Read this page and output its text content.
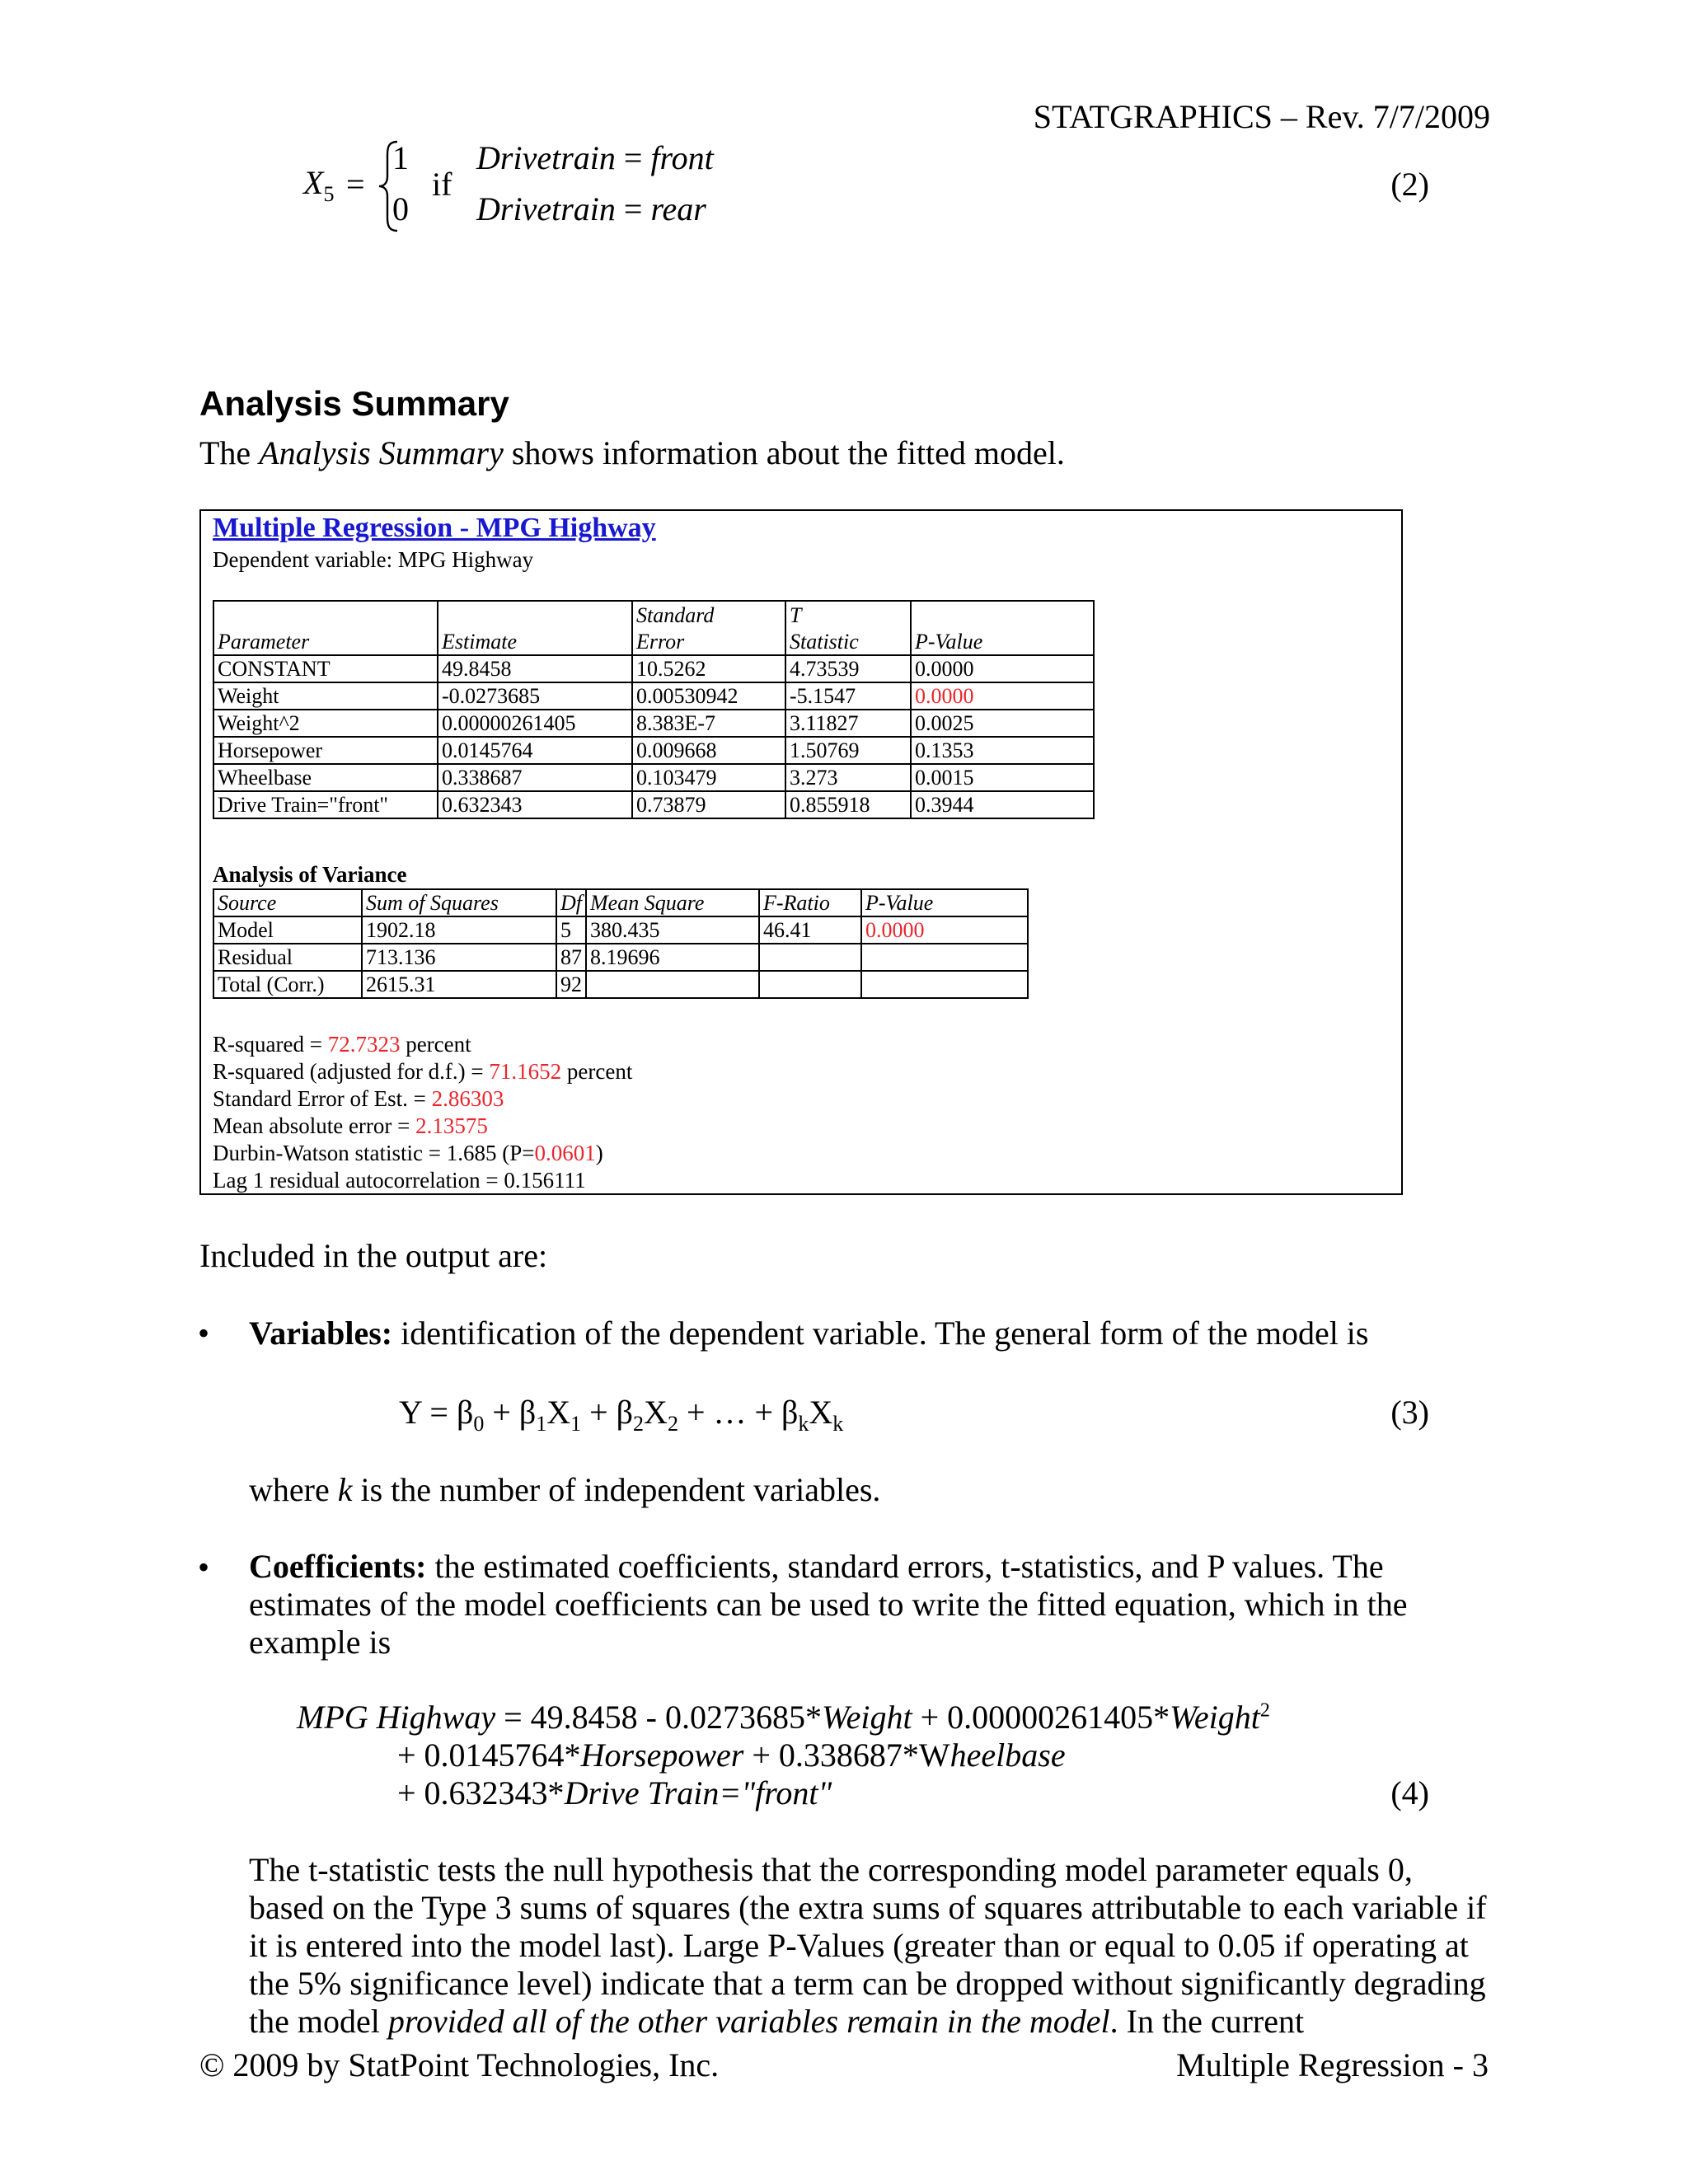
STATGRAPHICS – Rev. 7/7/2009
$X_5$ =
1
0
if
Drivetrain = front
Drivetrain = rear
(2)
Analysis Summary
The Analysis Summary shows information about the fitted model.
Multiple Regression - MPG Highway
Dependent variable: MPG Highway
		Standard	T	
Parameter	Estimate	Error	Statistic	P-Value
CONSTANT	49.8458	10.5262	4.73539	0.0000
Weight	-0.0273685	0.00530942	-5.1547	0.0000
Weight^2	0.00000261405	8.383E-7	3.11827	0.0025
Horsepower	0.0145764	0.009668	1.50769	0.1353
Wheelbase	0.338687	0.103479	3.273	0.0015
Drive Train="front"	0.632343	0.73879	0.855918	0.3944
Analysis of Variance
Source	Sum of Squares	Df	Mean Square	F-Ratio	P-Value
Model	1902.18	5	380.435	46.41	0.0000
Residual	713.136	87	8.19696		
Total (Corr.)	2615.31	92			
R-squared = 72.7323 percent
R-squared (adjusted for d.f.) = 71.1652 percent
Standard Error of Est. = 2.86303
Mean absolute error = 2.13575
Durbin-Watson statistic = 1.685 (P=0.0601)
Lag 1 residual autocorrelation = 0.156111
Included in the output are:
• Variables: identification of the dependent variable. The general form of the model is
$Y = \beta_0 + \beta_1X_1 + \beta_2X_2$ + … + $\beta_kX_k$	(3)
where k is the number of independent variables.
• Coefficients: the estimated coefficients, standard errors, t-statistics, and P values. The estimates of the model coefficients can be used to write the fitted equation, which in the example is
MPG Highway = 49.8458 - 0.0273685*Weight + 0.00000261405*Weight$^2$
+ 0.0145764*Horsepower + 0.338687*Wheelbase
+ 0.632343*Drive Train="front"	(4)
The t-statistic tests the null hypothesis that the corresponding model parameter equals 0, based on the Type 3 sums of squares (the extra sums of squares attributable to each variable if it is entered into the model last). Large P-Values (greater than or equal to 0.05 if operating at the 5% significance level) indicate that a term can be dropped without significantly degrading the model provided all of the other variables remain in the model. In the current
© 2009 by StatPoint Technologies, Inc.	Multiple Regression - 3
